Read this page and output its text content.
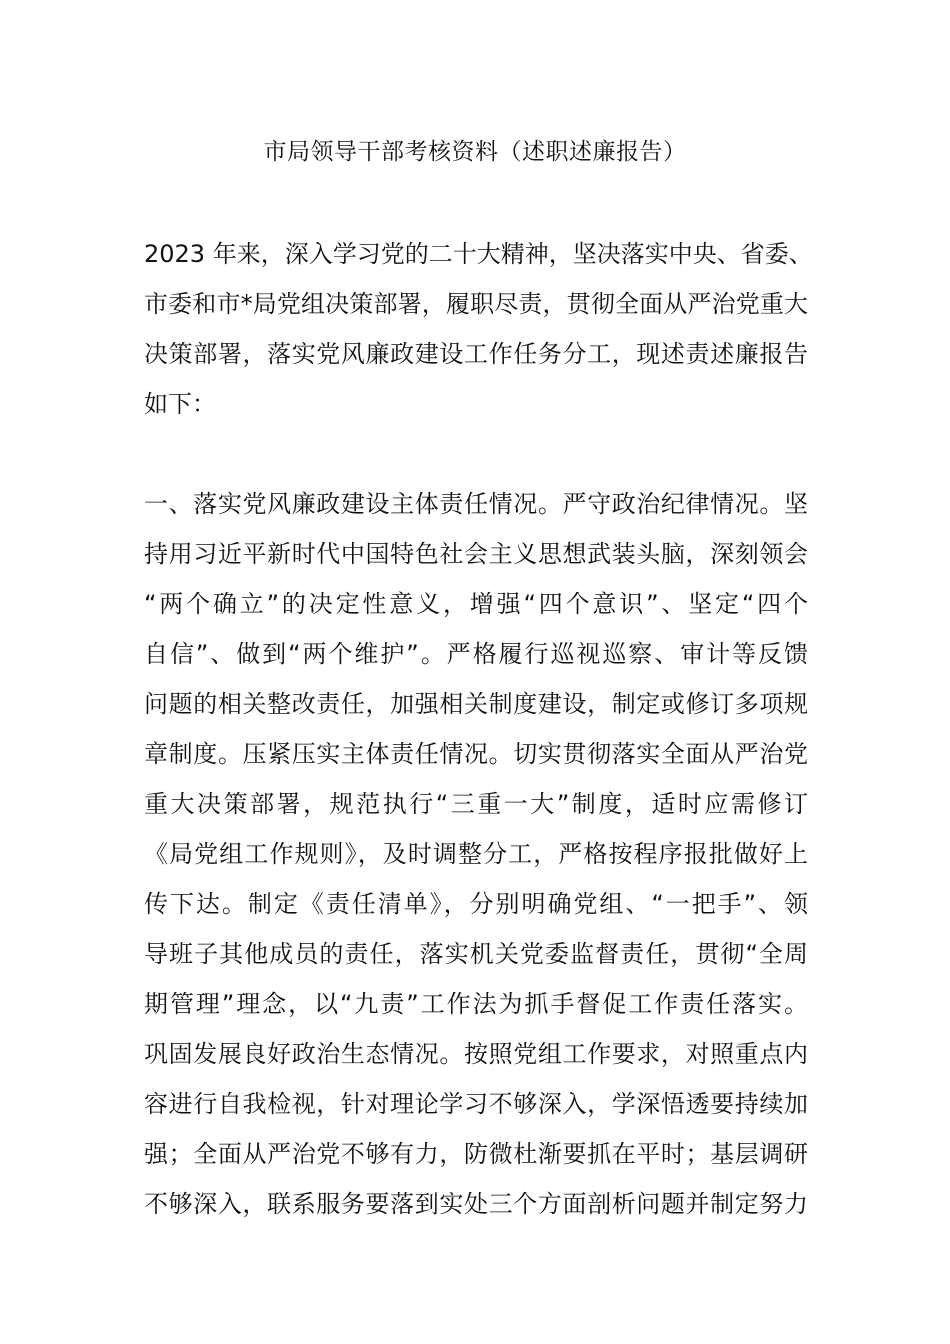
市局领导干部考核资料（述职述廉报告）
2023 年来，深入学习党的二十大精神，坚决落实中央、省委、
市委和市*局党组决策部署，履职尽责，贯彻全面从严治党重大
决策部署，落实党风廉政建设工作任务分工，现述责述廉报告
如下：
一、落实党风廉政建设主体责任情况。严守政治纪律情况。坚
持用习近平新时代中国特色社会主义思想武装头脑，深刻领会
“两个确立”的决定性意义，增强“四个意识”、坚定“四个
自信”、做到“两个维护”。严格履行巡视巡察、审计等反馈
问题的相关整改责任，加强相关制度建设，制定或修订多项规
章制度。压紧压实主体责任情况。切实贯彻落实全面从严治党
重大决策部署，规范执行“三重一大”制度，适时应需修订
《局党组工作规则》，及时调整分工，严格按程序报批做好上
传下达。制定《责任清单》，分别明确党组、“一把手”、领
导班子其他成员的责任，落实机关党委监督责任，贯彻“全周
期管理”理念，以“九责”工作法为抓手督促工作责任落实。
巩固发展良好政治生态情况。按照党组工作要求，对照重点内
容进行自我检视，针对理论学习不够深入，学深悟透要持续加
强；全面从严治党不够有力，防微杜渐要抓在平时；基层调研
不够深入，联系服务要落到实处三个方面剖析问题并制定努力
